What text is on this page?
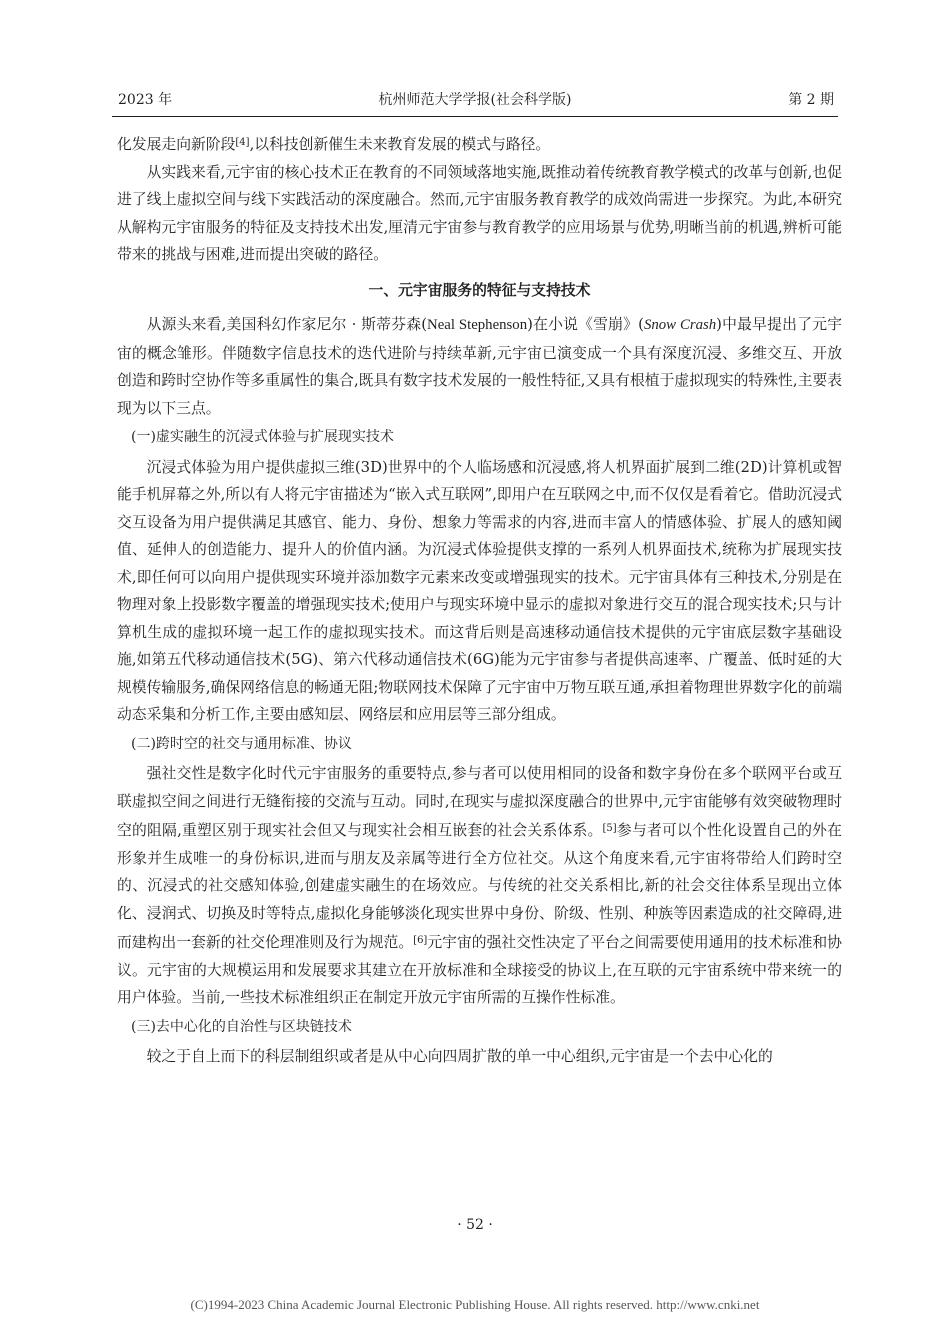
2023 年	杭州师范大学学报(社会科学版)	第 2 期

化发展走向新阶段[4],以科技创新催生未来教育发展的模式与路径。

从实践来看,元宇宙的核心技术正在教育的不同领域落地实施,既推动着传统教育教学模式的改革与创新,也促进了线上虚拟空间与线下实践活动的深度融合。然而,元宇宙服务教育教学的成效尚需进一步探究。为此,本研究从解构元宇宙服务的特征及支持技术出发,厘清元宇宙参与教育教学的应用场景与优势,明晰当前的机遇,辨析可能带来的挑战与困难,进而提出突破的路径。

一、元宇宙服务的特征与支持技术

从源头来看,美国科幻作家尼尔 · 斯蒂芬森(Neal Stephenson)在小说《雪崩》(Snow Crash)中最早提出了元宇宙的概念雏形。伴随数字信息技术的迭代进阶与持续革新,元宇宙已演变成一个具有深度沉浸、多维交互、开放创造和跨时空协作等多重属性的集合,既具有数字技术发展的一般性特征,又具有根植于虚拟现实的特殊性,主要表现为以下三点。

(一)虚实融生的沉浸式体验与扩展现实技术

沉浸式体验为用户提供虚拟三维(3D)世界中的个人临场感和沉浸感,将人机界面扩展到二维(2D)计算机或智能手机屏幕之外,所以有人将元宇宙描述为“嵌入式互联网”,即用户在互联网之中,而不仅仅是看着它。借助沉浸式交互设备为用户提供满足其感官、能力、身份、想象力等需求的内容,进而丰富人的情感体验、扩展人的感知阈值、延伸人的创造能力、提升人的价值内涵。为沉浸式体验提供支撑的一系列人机界面技术,统称为扩展现实技术,即任何可以向用户提供现实环境并添加数字元素来改变或增强现实的技术。元宇宙具体有三种技术,分别是在物理对象上投影数字覆盖的增强现实技术;使用户与现实环境中显示的虚拟对象进行交互的混合现实技术;只与计算机生成的虚拟环境一起工作的虚拟现实技术。而这背后则是高速移动通信技术提供的元宇宙底层数字基础设施,如第五代移动通信技术(5G)、第六代移动通信技术(6G)能为元宇宙参与者提供高速率、广覆盖、低时延的大规模传输服务,确保网络信息的畅通无阻;物联网技术保障了元宇宙中万物互联互通,承担着物理世界数字化的前端动态采集和分析工作,主要由感知层、网络层和应用层等三部分组成。

(二)跨时空的社交与通用标准、协议

强社交性是数字化时代元宇宙服务的重要特点,参与者可以使用相同的设备和数字身份在多个联网平台或互联虚拟空间之间进行无缝衔接的交流与互动。同时,在现实与虚拟深度融合的世界中,元宇宙能够有效突破物理时空的阻隔,重塑区别于现实社会但又与现实社会相互嵌套的社会关系体系。[5]参与者可以个性化设置自己的外在形象并生成唯一的身份标识,进而与朋友及亲属等进行全方位社交。从这个角度来看,元宇宙将带给人们跨时空的、沉浸式的社交感知体验,创建虚实融生的在场效应。与传统的社交关系相比,新的社会交往体系呈现出立体化、浸润式、切换及时等特点,虚拟化身能够淡化现实世界中身份、阶级、性别、种族等因素造成的社交障碍,进而建构出一套新的社交伦理准则及行为规范。[6]元宇宙的强社交性决定了平台之间需要使用通用的技术标准和协议。元宇宙的大规模运用和发展要求其建立在开放标准和全球接受的协议上,在互联的元宇宙系统中带来统一的用户体验。当前,一些技术标准组织正在制定开放元宇宙所需的互操作性标准。

(三)去中心化的自治性与区块链技术

较之于自上而下的科层制组织或者是从中心向四周扩散的单一中心组织,元宇宙是一个去中心化的

· 52 ·
(C)1994-2023 China Academic Journal Electronic Publishing House. All rights reserved. http://www.cnki.net
